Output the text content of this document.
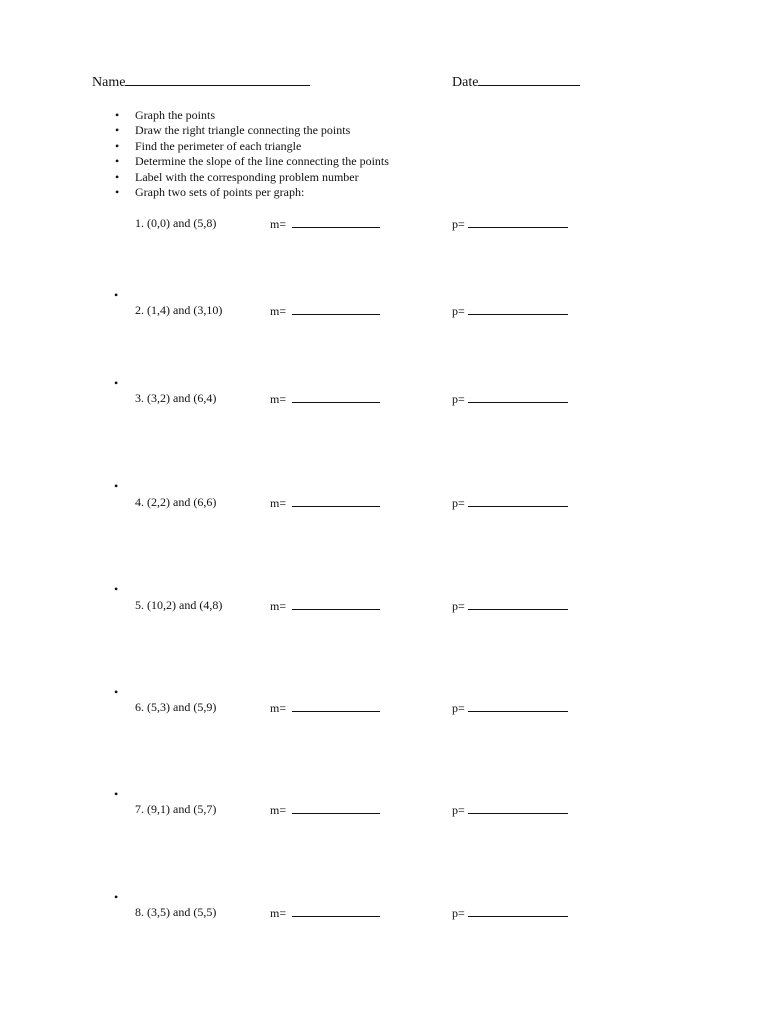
Name	Date
• Graph the points
• Draw the right triangle connecting the points
• Find the perimeter of each triangle
• Determine the slope of the line connecting the points
• Label with the corresponding problem number
• Graph two sets of points per graph:
1. (0,0) and (5,8)	m=	p=
•
2. (1,4) and (3,10)	m=	p=
•
3. (3,2) and (6,4)	m=	p=
•
4. (2,2) and (6,6)	m=	p=
•
5. (10,2) and (4,8)	m=	p=
•
6. (5,3) and (5,9)	m=	p=
•
7. (9,1) and (5,7)	m=	p=
•
8. (3,5) and (5,5)	m=	p=
